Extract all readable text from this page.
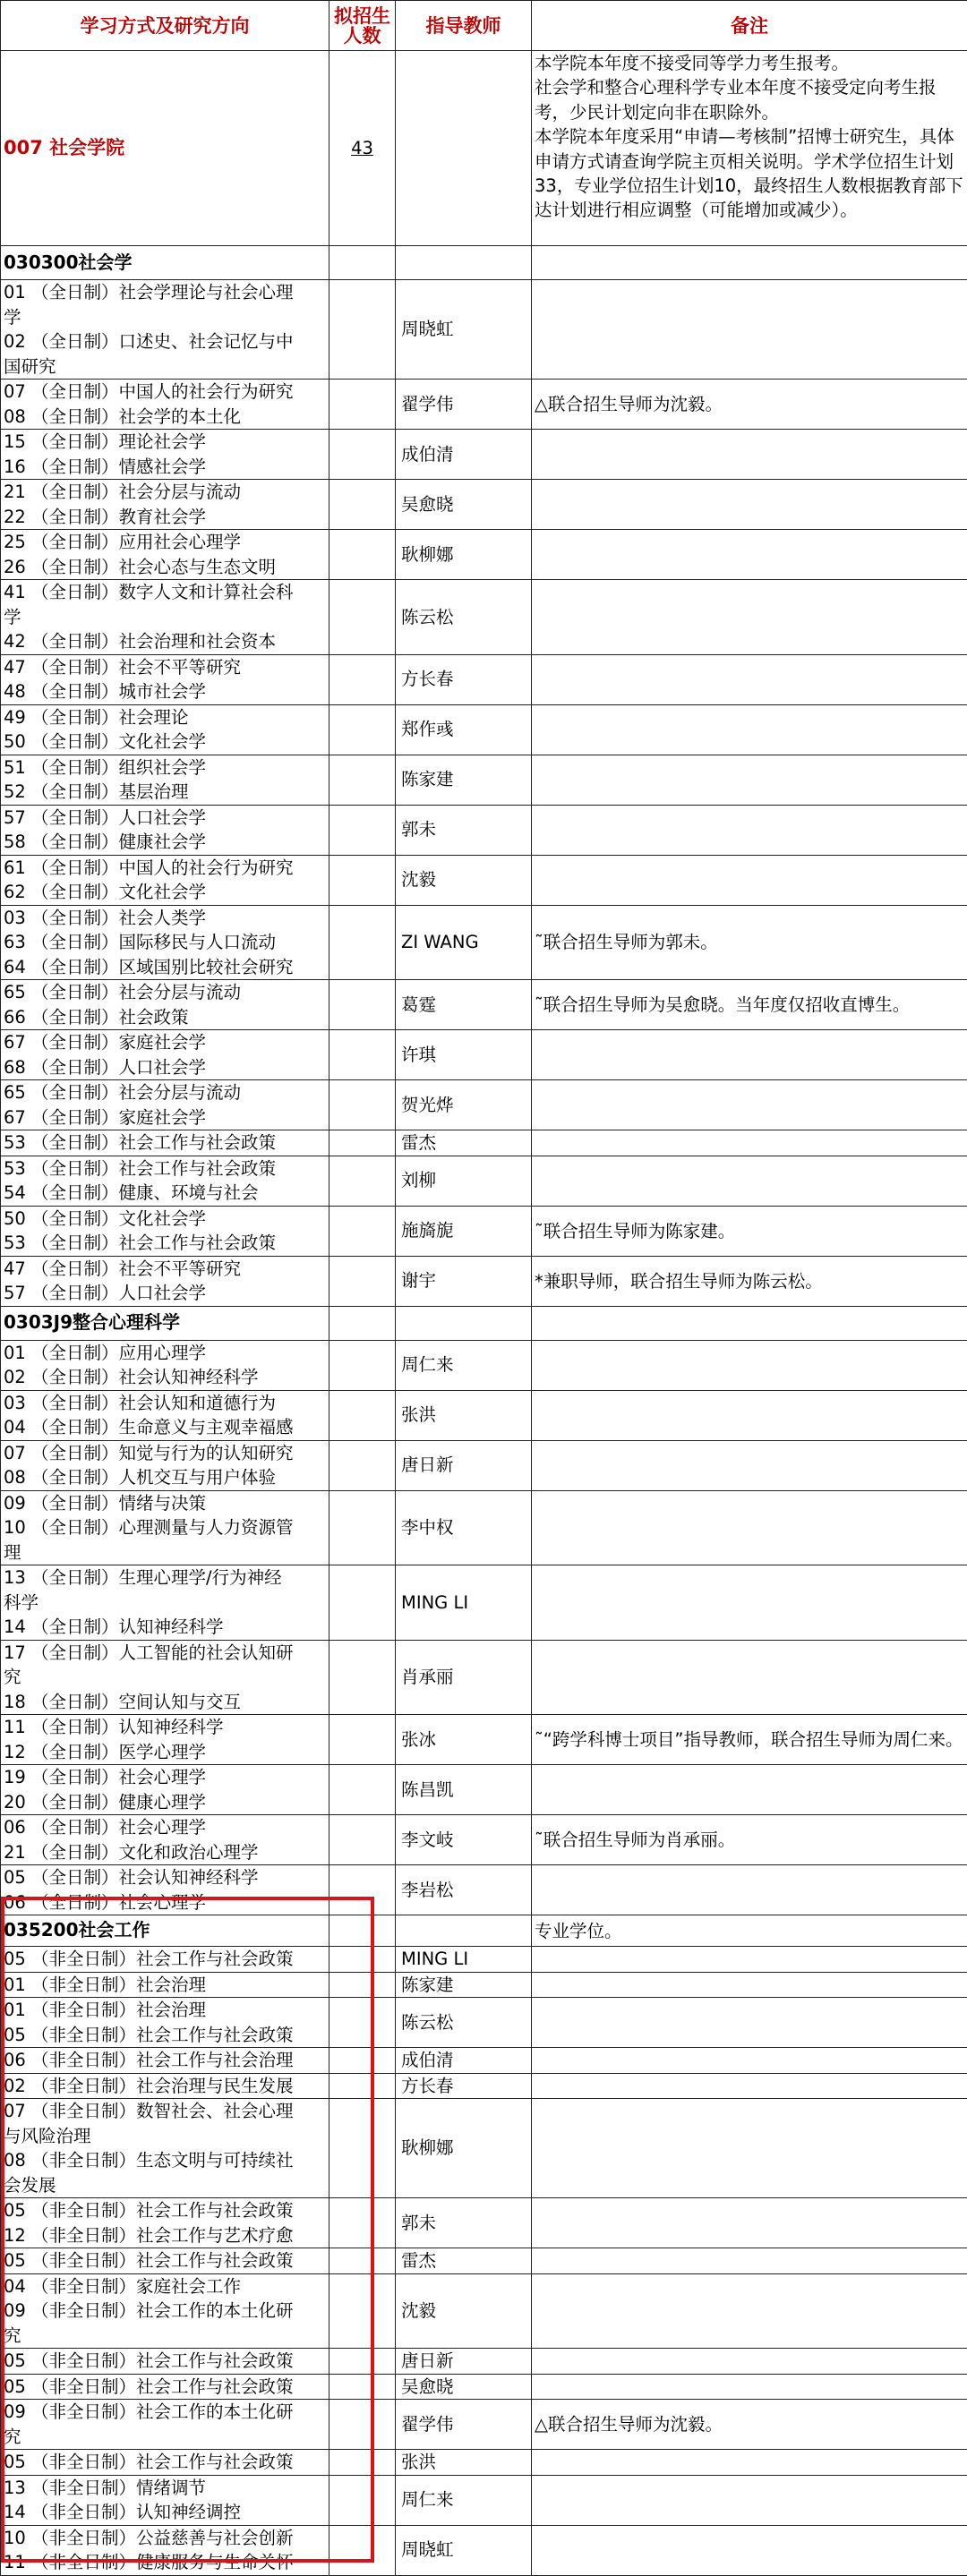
学习方式及研究方向	拟招生人数	指导教师	备注
007 社会学院	43		本学院本年度不接受同等学力考生报考。
社会学和整合心理科学专业本年度不接受定向考生报考，少民计划定向非在职除外。
本学院本年度采用“申请—考核制”招博士研究生，具体申请方式请查询学院主页相关说明。学术学位招生计划33，专业学位招生计划10，最终招生人数根据教育部下达计划进行相应调整（可能增加或减少）。
030300社会学			

01 （全日制）社会学理论与社会心理
学
02 （全日制）口述史、社会记忆与中
国研究		周晓虹	

07 （全日制）中国人的社会行为研究
08 （全日制）社会学的本土化		翟学伟	△联合招生导师为沈毅。

15 （全日制）理论社会学
16 （全日制）情感社会学		成伯清	

21 （全日制）社会分层与流动
22 （全日制）教育社会学		吴愈晓	

25 （全日制）应用社会心理学
26 （全日制）社会心态与生态文明		耿柳娜	

41 （全日制）数字人文和计算社会科
学
42 （全日制）社会治理和社会资本		陈云松	

47 （全日制）社会不平等研究
48 （全日制）城市社会学		方长春	

49 （全日制）社会理论
50 （全日制）文化社会学		郑作彧	

51 （全日制）组织社会学
52 （全日制）基层治理		陈家建	

57 （全日制）人口社会学
58 （全日制）健康社会学		郭未	

61 （全日制）中国人的社会行为研究
62 （全日制）文化社会学		沈毅	

03 （全日制）社会人类学
63 （全日制）国际移民与人口流动
64 （全日制）区域国别比较社会研究		ZI WANG	˜联合招生导师为郭未。

65 （全日制）社会分层与流动
66 （全日制）社会政策		葛霆	˜联合招生导师为吴愈晓。当年度仅招收直博生。

67 （全日制）家庭社会学
68 （全日制）人口社会学		许琪	

65 （全日制）社会分层与流动
67 （全日制）家庭社会学		贺光烨	

53 （全日制）社会工作与社会政策		雷杰	

53 （全日制）社会工作与社会政策
54 （全日制）健康、环境与社会		刘柳	

50 （全日制）文化社会学
53 （全日制）社会工作与社会政策		施旖旎	˜联合招生导师为陈家建。

47 （全日制）社会不平等研究
57 （全日制）人口社会学		谢宇	*兼职导师，联合招生导师为陈云松。
0303J9整合心理科学			

01 （全日制）应用心理学
02 （全日制）社会认知神经科学		周仁来	

03 （全日制）社会认知和道德行为
04 （全日制）生命意义与主观幸福感		张洪	

07 （全日制）知觉与行为的认知研究
08 （全日制）人机交互与用户体验		唐日新	

09 （全日制）情绪与决策
10 （全日制）心理测量与人力资源管
理		李中权	

13 （全日制）生理心理学/行为神经
科学
14 （全日制）认知神经科学		MING LI	

17 （全日制）人工智能的社会认知研
究
18 （全日制）空间认知与交互		肖承丽	

11 （全日制）认知神经科学
12 （全日制）医学心理学		张冰	˜“跨学科博士项目”指导教师，联合招生导师为周仁来。

19 （全日制）社会心理学
20 （全日制）健康心理学		陈昌凯	

06 （全日制）社会心理学
21 （全日制）文化和政治心理学		李文岐	˜联合招生导师为肖承丽。

05 （全日制）社会认知神经科学
06 （全日制）社会心理学		李岩松	
035200社会工作			专业学位。

05 （非全日制）社会工作与社会政策		MING LI	

01 （非全日制）社会治理		陈家建	

01 （非全日制）社会治理
05 （非全日制）社会工作与社会政策		陈云松	

06 （非全日制）社会工作与社会治理		成伯清	

02 （非全日制）社会治理与民生发展		方长春	

07 （非全日制）数智社会、社会心理
与风险治理
08 （非全日制）生态文明与可持续社
会发展		耿柳娜	

05 （非全日制）社会工作与社会政策
12 （非全日制）社会工作与艺术疗愈		郭未	

05 （非全日制）社会工作与社会政策		雷杰	

04 （非全日制）家庭社会工作
09 （非全日制）社会工作的本土化研
究		沈毅	

05 （非全日制）社会工作与社会政策		唐日新	

05 （非全日制）社会工作与社会政策		吴愈晓	

09 （非全日制）社会工作的本土化研
究		翟学伟	△联合招生导师为沈毅。

05 （非全日制）社会工作与社会政策		张洪	

13 （非全日制）情绪调节
14 （非全日制）认知神经调控		周仁来	

10 （非全日制）公益慈善与社会创新
11 （非全日制）健康服务与生命关怀		周晓虹	
